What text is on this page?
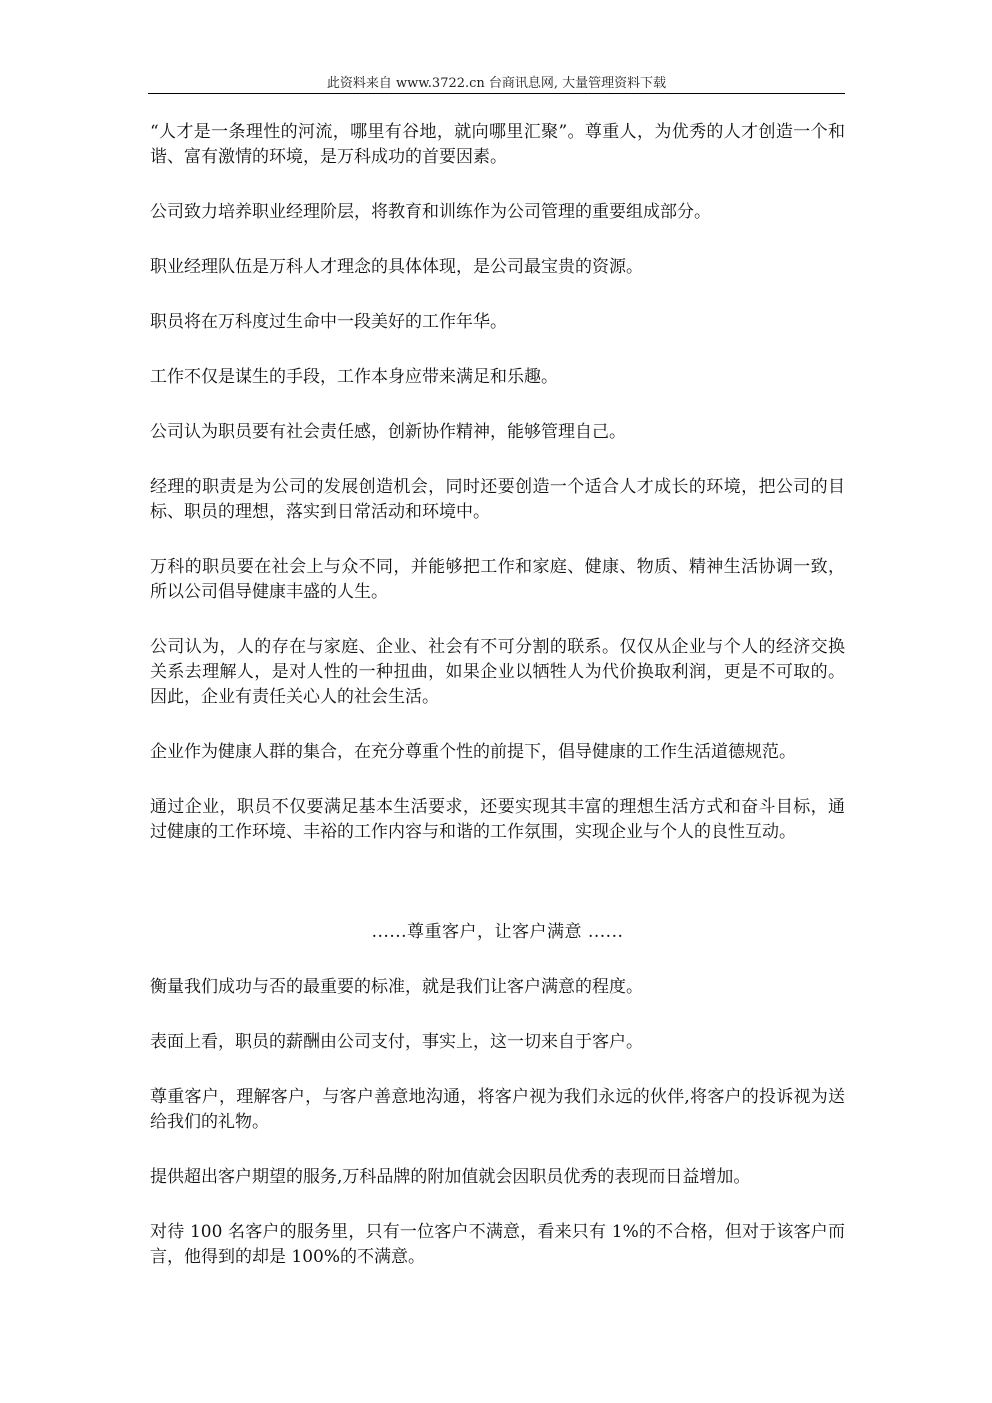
此资料来自 www.3722.cn 台商讯息网, 大量管理资料下载

“人才是一条理性的河流，哪里有谷地，就向哪里汇聚”。尊重人，为优秀的人才创造一个和谐、富有激情的环境，是万科成功的首要因素。

公司致力培养职业经理阶层，将教育和训练作为公司管理的重要组成部分。

职业经理队伍是万科人才理念的具体体现，是公司最宝贵的资源。

职员将在万科度过生命中一段美好的工作年华。

工作不仅是谋生的手段，工作本身应带来满足和乐趣。

公司认为职员要有社会责任感，创新协作精神，能够管理自己。

经理的职责是为公司的发展创造机会，同时还要创造一个适合人才成长的环境，把公司的目标、职员的理想，落实到日常活动和环境中。

万科的职员要在社会上与众不同，并能够把工作和家庭、健康、物质、精神生活协调一致，所以公司倡导健康丰盛的人生。

公司认为，人的存在与家庭、企业、社会有不可分割的联系。仅仅从企业与个人的经济交换关系去理解人，是对人性的一种扭曲，如果企业以牺牲人为代价换取利润，更是不可取的。因此，企业有责任关心人的社会生活。

企业作为健康人群的集合，在充分尊重个性的前提下，倡导健康的工作生活道德规范。

通过企业，职员不仅要满足基本生活要求，还要实现其丰富的理想生活方式和奋斗目标，通过健康的工作环境、丰裕的工作内容与和谐的工作氛围，实现企业与个人的良性互动。

......尊重客户，让客户满意 ......

衡量我们成功与否的最重要的标准，就是我们让客户满意的程度。

表面上看，职员的薪酬由公司支付，事实上，这一切来自于客户。

尊重客户，理解客户，与客户善意地沟通，将客户视为我们永远的伙伴,将客户的投诉视为送给我们的礼物。

提供超出客户期望的服务,万科品牌的附加值就会因职员优秀的表现而日益增加。

对待 100 名客户的服务里，只有一位客户不满意，看来只有 1%的不合格，但对于该客户而言，他得到的却是 100%的不满意。
